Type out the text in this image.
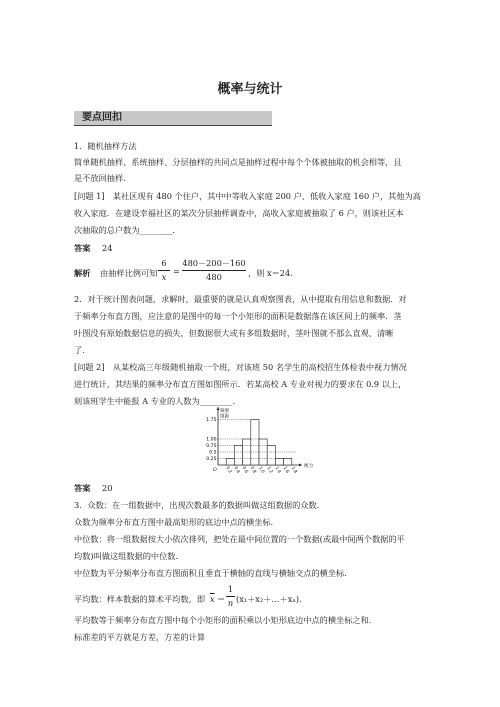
概率与统计
要点回扣
1．随机抽样方法
简单随机抽样、系统抽样、分层抽样的共同点是抽样过程中每个个体被抽取的机会相等，且
是不放回抽样.
[问题 1]　某社区现有 480 个住户，其中中等收入家庭 200 户、低收入家庭 160 户，其他为高
收入家庭．在建设幸福社区的某次分层抽样调查中，高收入家庭被抽取了 6 户，则该社区本
次抽取的总户数为________.
答案 24
解析 由抽样比例可知
6
x
=
480－200－160
480	，则 x＝24.
2．对于统计图表问题，求解时，最重要的就是认真观察图表，从中提取有用信息和数据．对
于频率分布直方图，应注意的是图中的每一个小矩形的面积是数据落在该区间上的频率．茎
叶图没有原始数据信息的损失，但数据很大或有多组数据时，茎叶图就不那么直观、清晰
了.
[问题 2]　从某校高三年级随机抽取一个班，对该班 50 名学生的高校招生体检表中视力情况
进行统计，其结果的频率分布直方图如图所示．若某高校 A 专业对视力的要求在 0.9 以上，
则该班学生中能报 A 专业的人数为________.
频率
组距
视力
O
1.75
1.00
0.75
0.5
0.25
0.2 0.4 0.6 0.8 1.0 1.2 1.4 1.6 1.8
答案 20
3．众数：在一组数据中，出现次数最多的数据叫做这组数据的众数.
众数为频率分布直方图中最高矩形的底边中点的横坐标.
中位数：将一组数据按大小依次排列，把处在最中间位置的一个数据(或最中间两个数据的平
均数)叫做这组数据的中位数.
中位数为平分频率分布直方图面积且垂直于横轴的直线与横轴交点的横坐标.
平均数：样本数据的算术平均数，即 $\overline{x}$ ＝
1
n (x₁＋x₂＋…＋xₙ).
平均数等于频率分布直方图中每个小矩形的面积乘以小矩形底边中点的横坐标之和.
标准差的平方就是方差，方差的计算
